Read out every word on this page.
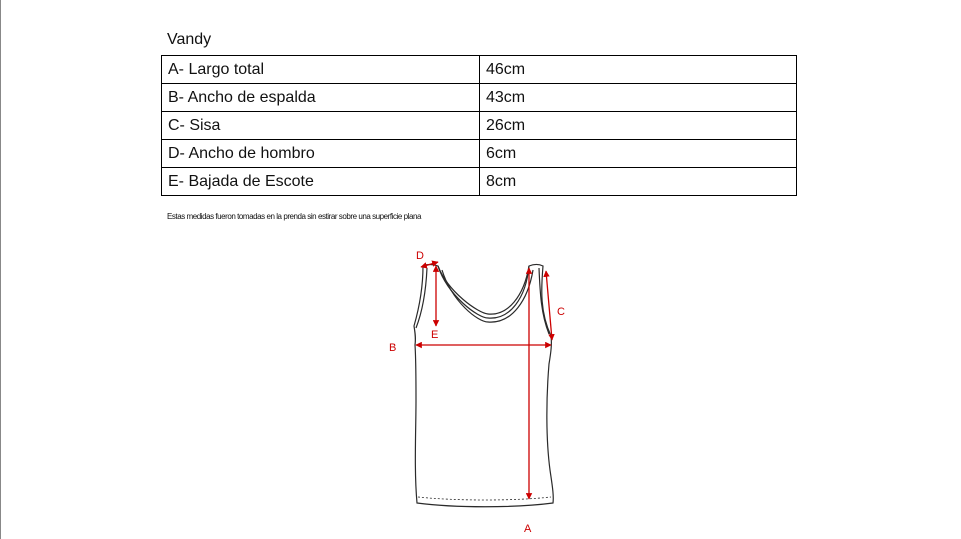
Vandy
A- Largo total	46cm
B- Ancho de espalda	43cm
C- Sisa	26cm
D- Ancho de hombro	6cm
E- Bajada de Escote	8cm
Estas medidas fueron tomadas en la prenda sin estirar sobre una superficie plana
A
B
C
D
E
